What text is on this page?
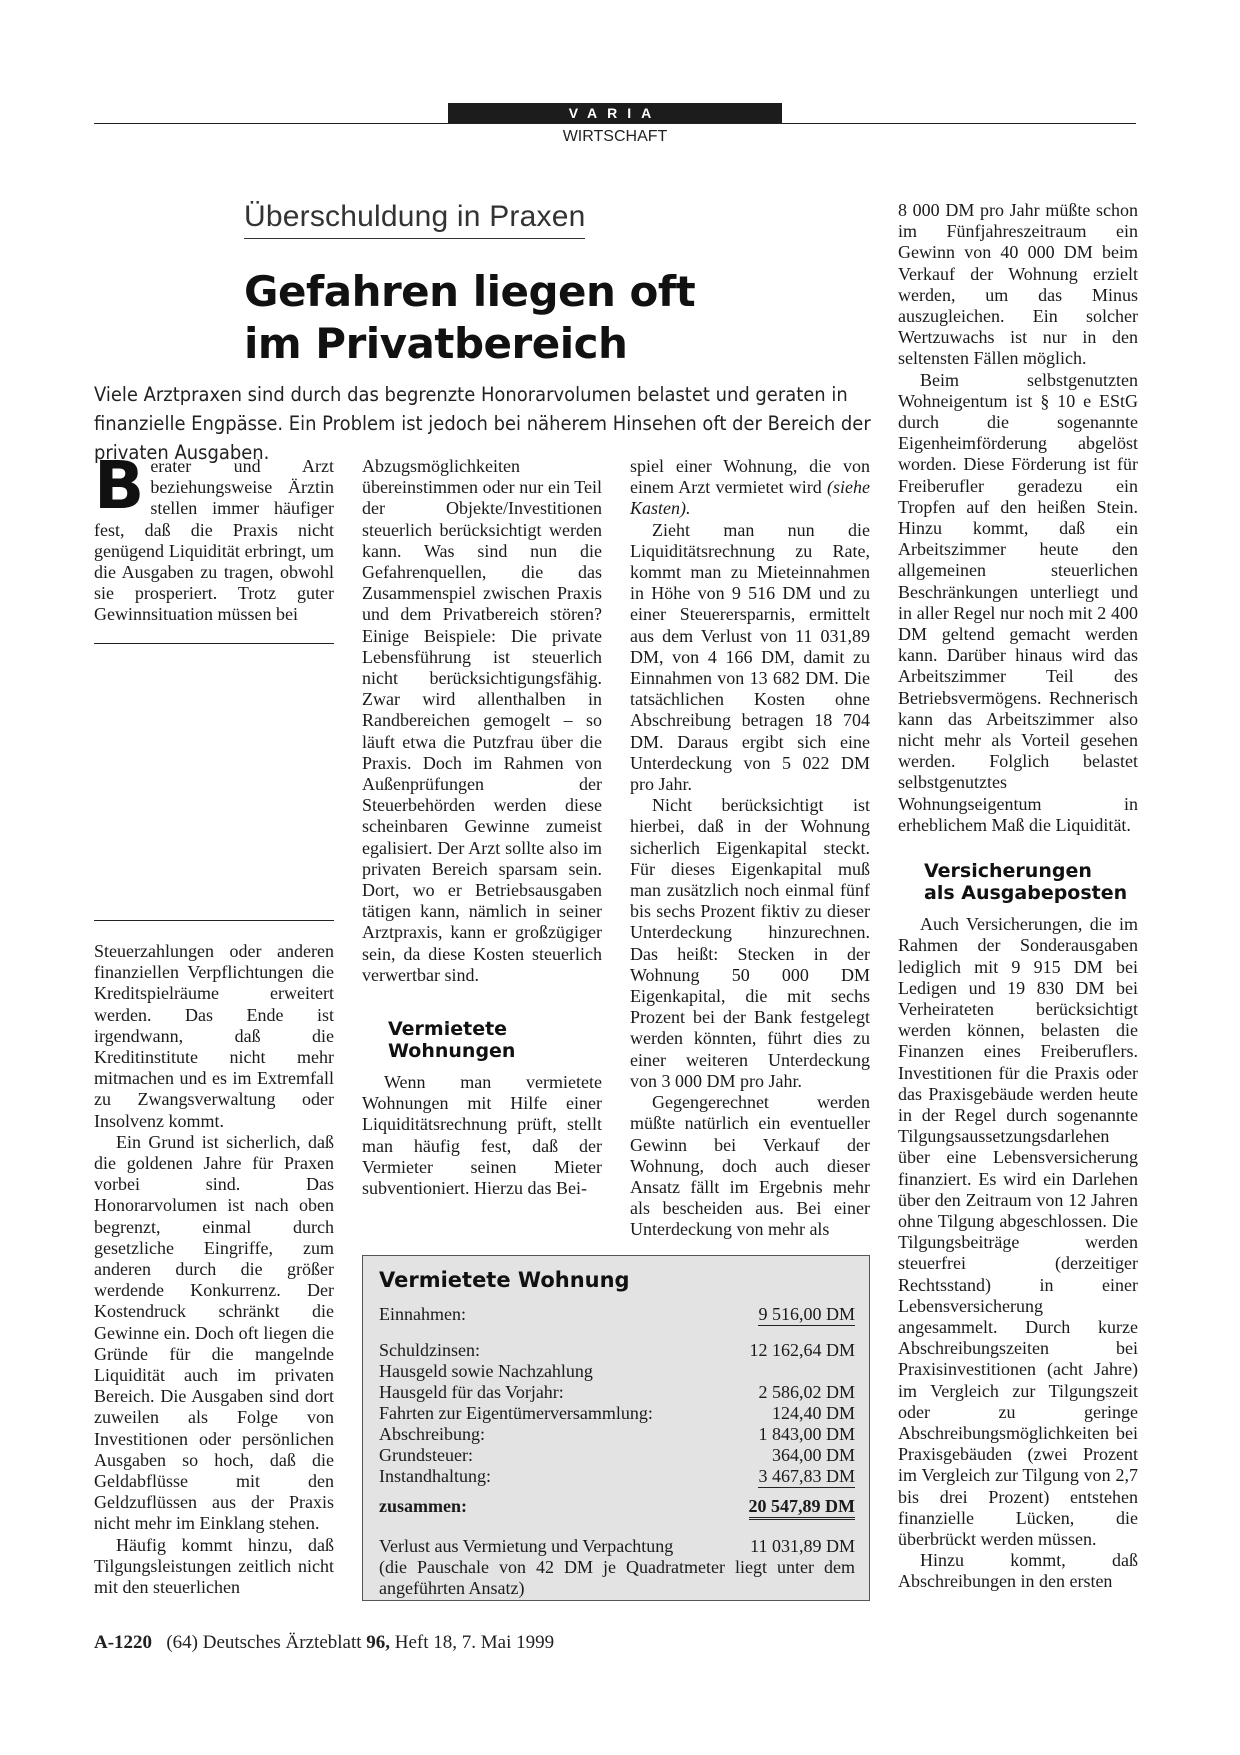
VARIA
WIRTSCHAFT
Überschuldung in Praxen
Gefahren liegen oft
im Privatbereich
Viele Arztpraxen sind durch das begrenzte Honorarvolumen belastet und geraten in finanzielle Engpässe. Ein Problem ist jedoch bei näherem Hinsehen oft der Bereich der privaten Ausgaben.

Berater und Arzt beziehungsweise Ärztin stellen immer häufiger fest, daß die Praxis nicht genügend Liquidität erbringt, um die Ausgaben zu tragen, obwohl sie prosperiert. Trotz guter Gewinnsituation müssen bei

Steuerzahlungen oder anderen finanziellen Verpflichtungen die Kreditspielräume erweitert werden. Das Ende ist irgendwann, daß die Kreditinstitute nicht mehr mitmachen und es im Extremfall zu Zwangsverwaltung oder Insolvenz kommt.

Ein Grund ist sicherlich, daß die goldenen Jahre für Praxen vorbei sind. Das Honorarvolumen ist nach oben begrenzt, einmal durch gesetzliche Eingriffe, zum anderen durch die größer werdende Konkurrenz. Der Kostendruck schränkt die Gewinne ein. Doch oft liegen die Gründe für die mangelnde Liquidität auch im privaten Bereich. Die Ausgaben sind dort zuweilen als Folge von Investitionen oder persönlichen Ausgaben so hoch, daß die Geldabflüsse mit den Geldzuflüssen aus der Praxis nicht mehr im Einklang stehen.

Häufig kommt hinzu, daß Tilgungsleistungen zeitlich nicht mit den steuerlichen

Abzugsmöglichkeiten übereinstimmen oder nur ein Teil der Objekte/Investitionen steuerlich berücksichtigt werden kann. Was sind nun die Gefahrenquellen, die das Zusammenspiel zwischen Praxis und dem Privatbereich stören? Einige Beispiele: Die private Lebensführung ist steuerlich nicht berücksichtigungsfähig. Zwar wird allenthalben in Randbereichen gemogelt – so läuft etwa die Putzfrau über die Praxis. Doch im Rahmen von Außenprüfungen der Steuerbehörden werden diese scheinbaren Gewinne zumeist egalisiert. Der Arzt sollte also im privaten Bereich sparsam sein. Dort, wo er Betriebsausgaben tätigen kann, nämlich in seiner Arztpraxis, kann er großzügiger sein, da diese Kosten steuerlich verwertbar sind.

Vermietete
Wohnungen

Wenn man vermietete Wohnungen mit Hilfe einer Liquiditätsrechnung prüft, stellt man häufig fest, daß der Vermieter seinen Mieter subventioniert. Hierzu das Bei-

spiel einer Wohnung, die von einem Arzt vermietet wird (siehe Kasten).

Zieht man nun die Liquiditätsrechnung zu Rate, kommt man zu Mieteinnahmen in Höhe von 9 516 DM und zu einer Steuerersparnis, ermittelt aus dem Verlust von 11 031,89 DM, von 4 166 DM, damit zu Einnahmen von 13 682 DM. Die tatsächlichen Kosten ohne Abschreibung betragen 18 704 DM. Daraus ergibt sich eine Unterdeckung von 5 022 DM pro Jahr.

Nicht berücksichtigt ist hierbei, daß in der Wohnung sicherlich Eigenkapital steckt. Für dieses Eigenkapital muß man zusätzlich noch einmal fünf bis sechs Prozent fiktiv zu dieser Unterdeckung hinzurechnen. Das heißt: Stecken in der Wohnung 50 000 DM Eigenkapital, die mit sechs Prozent bei der Bank festgelegt werden könnten, führt dies zu einer weiteren Unterdeckung von 3 000 DM pro Jahr.

Gegengerechnet werden müßte natürlich ein eventueller Gewinn bei Verkauf der Wohnung, doch auch dieser Ansatz fällt im Ergebnis mehr als bescheiden aus. Bei einer Unterdeckung von mehr als

8 000 DM pro Jahr müßte schon im Fünfjahreszeitraum ein Gewinn von 40 000 DM beim Verkauf der Wohnung erzielt werden, um das Minus auszugleichen. Ein solcher Wertzuwachs ist nur in den seltensten Fällen möglich.

Beim selbstgenutzten Wohneigentum ist § 10 e EStG durch die sogenannte Eigenheimförderung abgelöst worden. Diese Förderung ist für Freiberufler geradezu ein Tropfen auf den heißen Stein. Hinzu kommt, daß ein Arbeitszimmer heute den allgemeinen steuerlichen Beschränkungen unterliegt und in aller Regel nur noch mit 2 400 DM geltend gemacht werden kann. Darüber hinaus wird das Arbeitszimmer Teil des Betriebsvermögens. Rechnerisch kann das Arbeitszimmer also nicht mehr als Vorteil gesehen werden. Folglich belastet selbstgenutztes Wohnungseigentum in erheblichem Maß die Liquidität.

Versicherungen
als Ausgabeposten

Auch Versicherungen, die im Rahmen der Sonderausgaben lediglich mit 9 915 DM bei Ledigen und 19 830 DM bei Verheirateten berücksichtigt werden können, belasten die Finanzen eines Freiberuflers. Investitionen für die Praxis oder das Praxisgebäude werden heute in der Regel durch sogenannte Tilgungsaussetzungsdarlehen über eine Lebensversicherung finanziert. Es wird ein Darlehen über den Zeitraum von 12 Jahren ohne Tilgung abgeschlossen. Die Tilgungsbeiträge werden steuerfrei (derzeitiger Rechtsstand) in einer Lebensversicherung angesammelt. Durch kurze Abschreibungszeiten bei Praxisinvestitionen (acht Jahre) im Vergleich zur Tilgungszeit oder zu geringe Abschreibungsmöglichkeiten bei Praxisgebäuden (zwei Prozent im Vergleich zur Tilgung von 2,7 bis drei Prozent) entstehen finanzielle Lücken, die überbrückt werden müssen.

Hinzu kommt, daß Abschreibungen in den ersten

Vermietete Wohnung
Einnahmen:	9 516,00 DM
Schuldzinsen:	12 162,64 DM
Hausgeld sowie Nachzahlung
Hausgeld für das Vorjahr:	2 586,02 DM
Fahrten zur Eigentümerversammlung:	124,40 DM
Abschreibung:	1 843,00 DM
Grundsteuer:	364,00 DM
Instandhaltung:	3 467,83 DM
zusammen:	20 547,89 DM
Verlust aus Vermietung und Verpachtung	11 031,89 DM
(die Pauschale von 42 DM je Quadratmeter liegt unter dem angeführten Ansatz)
A-1220 (64) Deutsches Ärzteblatt 96, Heft 18, 7. Mai 1999
